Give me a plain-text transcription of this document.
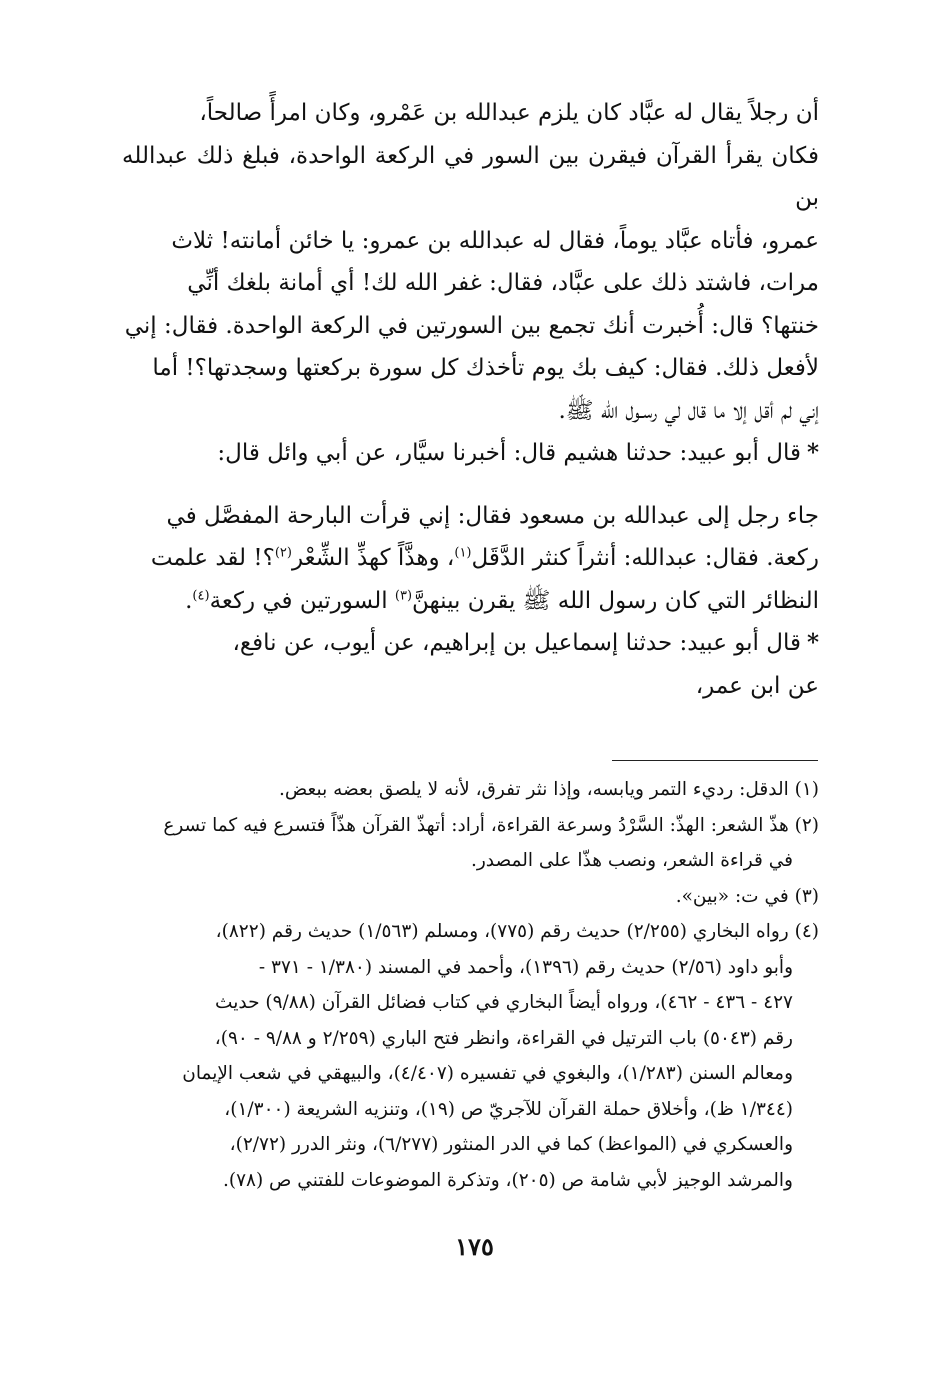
أن رجلاً يقال له عبَّاد كان يلزم عبدالله بن عَمْرو، وكان امرأً صالحاً،
فكان يقرأ القرآن فيقرن بين السور في الركعة الواحدة، فبلغ ذلك عبدالله بن
عمرو، فأتاه عبَّاد يوماً، فقال له عبدالله بن عمرو: يا خائن أمانته! ثلاث
مرات، فاشتد ذلك على عبَّاد، فقال: غفر الله لك! أي أمانة بلغك أنِّي
خنتها؟ قال: أُخبرت أنك تجمع بين السورتين في الركعة الواحدة. فقال: إني
لأفعل ذلك. فقال: كيف بك يوم تأخذك كل سورة بركعتها وسجدتها؟! أما
إني لم أقل إلا ما قال لي رسـول الله ﷺ.
*قال أبو عبيد: حدثنا هشيم قال: أخبرنا سيَّار، عن أبي وائل قال:
جاء رجل إلى عبدالله بن مسعود فقال: إني قرأت البارحة المفصَّل في
ركعة. فقال: عبدالله: أنثراً كنثر الدَّقَل$^{(١)}$، وهذَّاً كهذِّ الشِّعْر$^{(٢)}$؟! لقد علمت
النظائر التي كان رسول الله ﷺ يقرن بينهنَّ$^{(٣)}$ السورتين في ركعة$^{(٤)}$.
*قال أبو عبيد: حدثنا إسماعيل بن إبراهيم، عن أيوب، عن نافع،
عن ابن عمر،
(١) الدقل: رديء التمر ويابسه، وإذا نثر تفرق، لأنه لا يلصق بعضه ببعض.
(٢) هذّ الشعر: الهذّ: السَّرْدُ وسرعة القراءة، أراد: أتهذّ القرآن هذّاً فتسرع فيه كما تسرع
في قراءة الشعر، ونصب هذّا على المصدر.
(٣) في ت: «بين».
(٤) رواه البخاري (٢/٢٥٥) حديث رقم (٧٧٥)، ومسلم (١/٥٦٣) حديث رقم (٨٢٢)،
وأبو داود (٢/٥٦) حديث رقم (١٣٩٦)، وأحمد في المسند (١/٣٨٠ - ٣٧١ -
٤٢٧ - ٤٣٦ - ٤٦٢)، ورواه أيضاً البخاري في كتاب فضائل القرآن (٩/٨٨) حديث
رقم (٥٠٤٣) باب الترتيل في القراءة، وانظر فتح الباري (٢/٢٥٩ و ٩/٨٨ - ٩٠)،
ومعالم السنن (١/٢٨٣)، والبغوي في تفسيره (٤/٤٠٧)، والبيهقي في شعب الإيمان
(١/٣٤٤ ظ)، وأخلاق حملة القرآن للآجريّ ص (١٩)، وتنزيه الشريعة (١/٣٠٠)،
والعسكري في (المواعظ) كما في الدر المنثور (٦/٢٧٧)، ونثر الدرر (٢/٧٢)،
والمرشد الوجيز لأبي شامة ص (٢٠٥)، وتذكرة الموضوعات للفتني ص (٧٨).
١٧٥
